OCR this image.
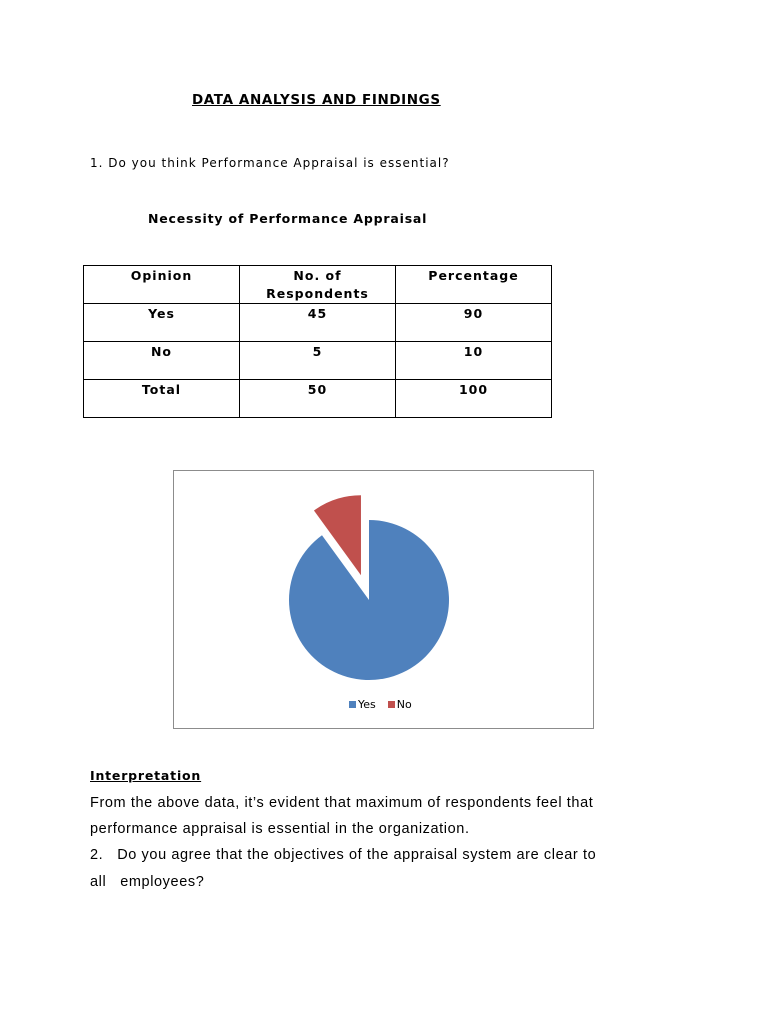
DATA ANALYSIS AND FINDINGS

1. Do you think Performance Appraisal is essential?

Necessity of Performance Appraisal

Opinion	No. of Respondents	Percentage
Yes	45	90
No	5	10
Total	50	100
Yes No

Interpretation

From the above data, it’s evident that maximum of respondents feel that

performance appraisal is essential in the organization.

2. Do you agree that the objectives of the appraisal system are clear to

all   employees?
